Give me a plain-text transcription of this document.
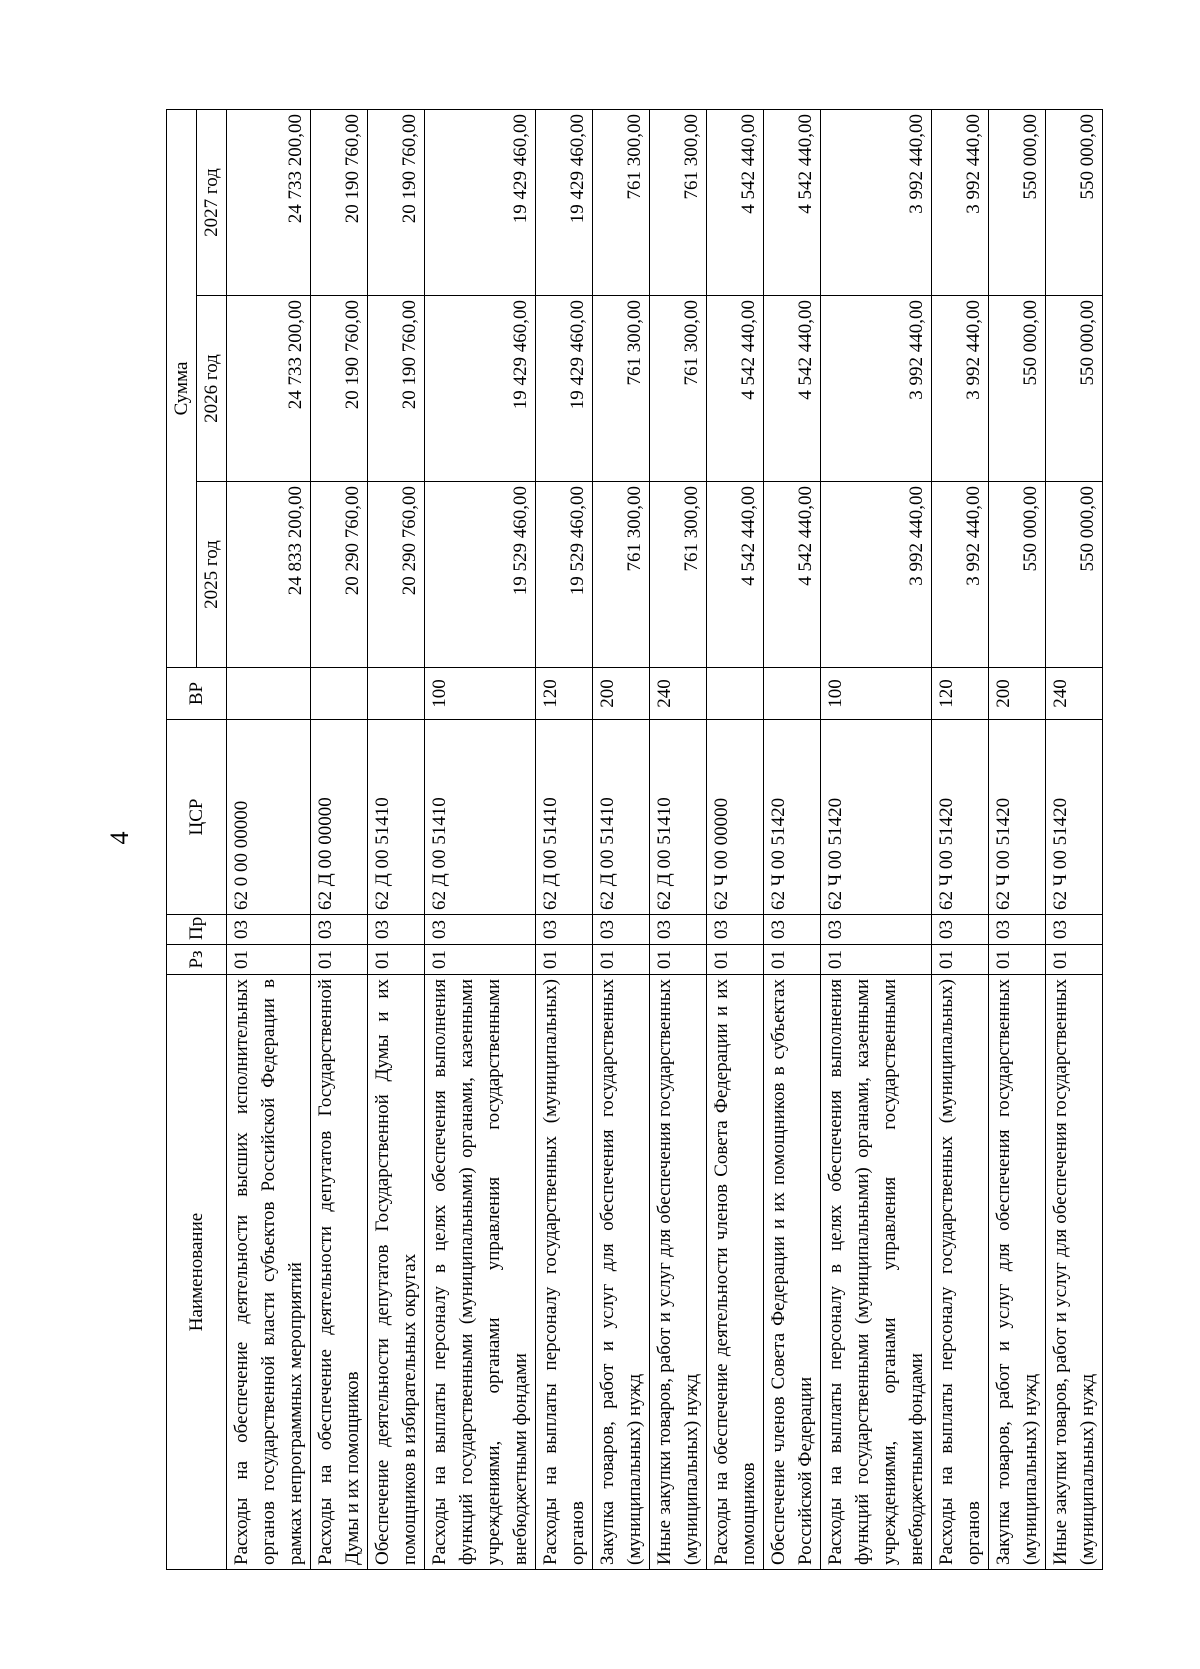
4
Наименование	Рз	Пр	ЦСР	ВР	Сумма		
					2025 год	2026 год	2027 год
Расходы на обеспечение деятельности высших исполнительных органов государственной власти субъектов Российской Федерации в рамках непрограммных мероприятий	01	03	62 0 00 00000		24 833 200,00	24 733 200,00	24 733 200,00
Расходы на обеспечение деятельности депутатов Государственной Думы и их помощников	01	03	62 Д 00 00000		20 290 760,00	20 190 760,00	20 190 760,00
Обеспечение деятельности депутатов Государственной Думы и их помощников в избирательных округах	01	03	62 Д 00 51410		20 290 760,00	20 190 760,00	20 190 760,00
Расходы на выплаты персоналу в целях обеспечения выполнения функций государственными (муниципальными) органами, казенными учреждениями, органами управления государственными внебюджетными фондами	01	03	62 Д 00 51410	100	19 529 460,00	19 429 460,00	19 429 460,00
Расходы на выплаты персоналу государственных (муниципальных) органов	01	03	62 Д 00 51410	120	19 529 460,00	19 429 460,00	19 429 460,00
Закупка товаров, работ и услуг для обеспечения государственных (муниципальных) нужд	01	03	62 Д 00 51410	200	761 300,00	761 300,00	761 300,00
Иные закупки товаров, работ и услуг для обеспечения государственных (муниципальных) нужд	01	03	62 Д 00 51410	240	761 300,00	761 300,00	761 300,00
Расходы на обеспечение деятельности членов Совета Федерации и их помощников	01	03	62 Ч 00 00000		4 542 440,00	4 542 440,00	4 542 440,00
Обеспечение членов Совета Федерации и их помощников в субъектах Российской Федерации	01	03	62 Ч 00 51420		4 542 440,00	4 542 440,00	4 542 440,00
Расходы на выплаты персоналу в целях обеспечения выполнения функций государственными (муниципальными) органами, казенными учреждениями, органами управления государственными внебюджетными фондами	01	03	62 Ч 00 51420	100	3 992 440,00	3 992 440,00	3 992 440,00
Расходы на выплаты персоналу государственных (муниципальных) органов	01	03	62 Ч 00 51420	120	3 992 440,00	3 992 440,00	3 992 440,00
Закупка товаров, работ и услуг для обеспечения государственных (муниципальных) нужд	01	03	62 Ч 00 51420	200	550 000,00	550 000,00	550 000,00
Иные закупки товаров, работ и услуг для обеспечения государственных (муниципальных) нужд	01	03	62 Ч 00 51420	240	550 000,00	550 000,00	550 000,00
